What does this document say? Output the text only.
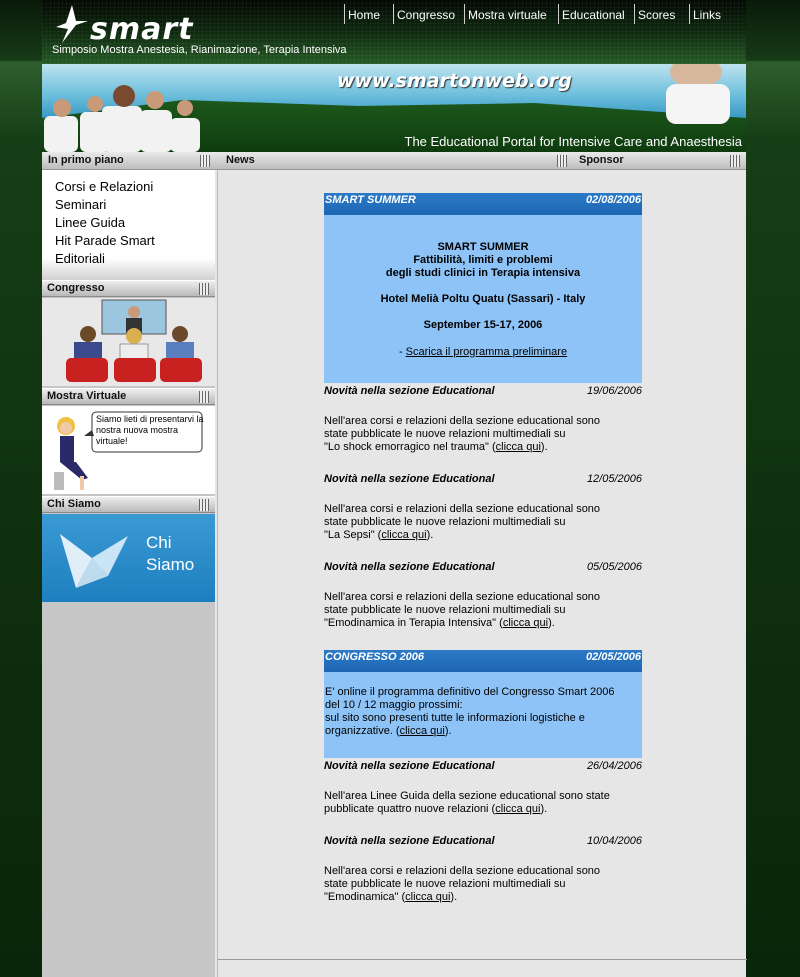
smart
Simposio Mostra Anestesia, Rianimazione, Terapia Intensiva
Home	Congresso	Mostra virtuale	Educational	Scores	Links
www.smartonweb.org
The Educational Portal for Intensive Care and Anaesthesia
In primo piano	News	Sponsor
Corsi e Relazioni
Seminari
Linee Guida
Hit Parade Smart
Editoriali
Congresso
Mostra Virtuale
Siamo lieti di presentarvi la nostra nuova mostra virtuale!
Chi Siamo
Chi
Siamo
SMART SUMMER	02/08/2006
SMART SUMMER
Fattibilità, limiti e problemi
degli studi clinici in Terapia intensiva
Hotel Melià Poltu Quatu (Sassari) - Italy
September 15-17, 2006
- Scarica il programma preliminare
Novità nella sezione Educational	19/06/2006
Nell'area corsi e relazioni della sezione educational sono
state pubblicate le nuove relazioni multimediali su
"Lo shock emorragico nel trauma" (clicca qui).
Novità nella sezione Educational	12/05/2006
Nell'area corsi e relazioni della sezione educational sono
state pubblicate le nuove relazioni multimediali su
"La Sepsi" (clicca qui).
Novità nella sezione Educational	05/05/2006
Nell'area corsi e relazioni della sezione educational sono
state pubblicate le nuove relazioni multimediali su
"Emodinamica in Terapia Intensiva" (clicca qui).
CONGRESSO 2006	02/05/2006
E' online il programma definitivo del Congresso Smart 2006
del 10 / 12 maggio prossimi:
sul sito sono presenti tutte le informazioni logistiche e
organizzative. (clicca qui).
Novità nella sezione Educational	26/04/2006
Nell'area Linee Guida della sezione educational sono state
pubblicate quattro nuove relazioni (clicca qui).
Novità nella sezione Educational	10/04/2006
Nell'area corsi e relazioni della sezione educational sono
state pubblicate le nuove relazioni multimediali su
"Emodinamica" (clicca qui).
